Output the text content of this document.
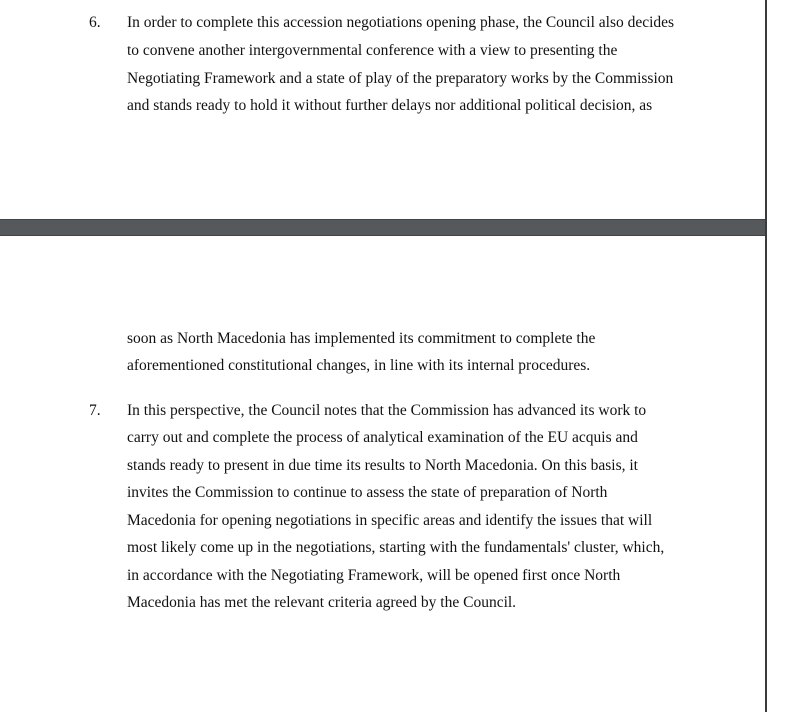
6. In order to complete this accession negotiations opening phase, the Council also decides
to convene another intergovernmental conference with a view to presenting the
Negotiating Framework and a state of play of the preparatory works by the Commission
and stands ready to hold it without further delays nor additional political decision, as
soon as North Macedonia has implemented its commitment to complete the
aforementioned constitutional changes, in line with its internal procedures.
7. In this perspective, the Council notes that the Commission has advanced its work to
carry out and complete the process of analytical examination of the EU acquis and
stands ready to present in due time its results to North Macedonia. On this basis, it
invites the Commission to continue to assess the state of preparation of North
Macedonia for opening negotiations in specific areas and identify the issues that will
most likely come up in the negotiations, starting with the fundamentals' cluster, which,
in accordance with the Negotiating Framework, will be opened first once North
Macedonia has met the relevant criteria agreed by the Council.
